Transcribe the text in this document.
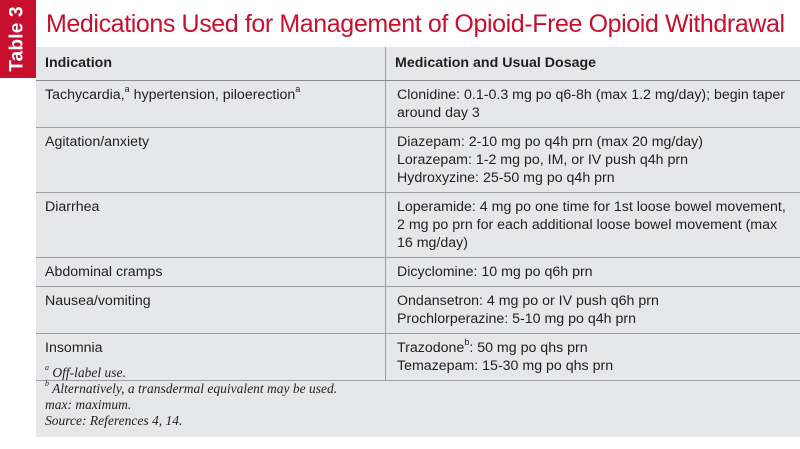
Table 3 Medications Used for Management of Opioid-Free Opioid Withdrawal
Indication	Medication and Usual Dosage
Tachycardia,$^a$ hypertension, piloerection$^a$	Clonidine: 0.1-0.3 mg po q6-8h (max 1.2 mg/day); begin taper
around day 3

Agitation/anxiety	Diazepam: 2-10 mg po q4h prn (max 20 mg/day)
Lorazepam: 1-2 mg po, IM, or IV push q4h prn
Hydroxyzine: 25-50 mg po q4h prn

Diarrhea	Loperamide: 4 mg po one time for 1st loose bowel movement,
2 mg po prn for each additional loose bowel movement (max
16 mg/day)

Abdominal cramps	Dicyclomine: 10 mg po q6h prn

Nausea/vomiting	Ondansetron: 4 mg po or IV push q6h prn
Prochlorperazine: 5-10 mg po q4h prn

Insomnia	Trazodone$^b$: 50 mg po qhs prn
Temazepam: 15-30 mg po qhs prn
$^a$ Off-label use.
$^b$ Alternatively, a transdermal equivalent may be used.
max: maximum.
Source: References 4, 14.
